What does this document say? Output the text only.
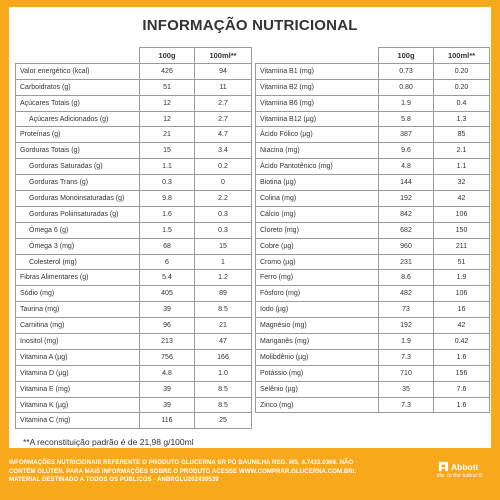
INFORMAÇÃO NUTRICIONAL
	100g	100ml**
Valor energético (kcal)	426	94
Carboidratos (g)	51	11
Açúcares Totais (g)	12	2.7
Açúcares Adicionados (g)	12	2.7
Proteínas (g)	21	4.7
Gorduras Totais (g)	15	3.4
Gorduras Saturadas (g)	1.1	0.2
Gorduras Trans (g)	0.3	0
Gorduras Monoinsaturadas (g)	9.8	2.2
Gorduras Poliinsaturadas (g)	1.6	0.3
Ômega 6 (g)	1.5	0.3
Ômega 3 (mg)	68	15
Colesterol (mg)	6	1
Fibras Alimentares (g)	5.4	1.2
Sódio (mg)	405	89
Taurina (mg)	39	8.5
Carnitina (mg)	96	21
Inositol (mg)	213	47
Vitamina A (µg)	756	166
Vitamina D (µg)	4.8	1.0
Vitamina E (mg)	39	8.5
Vitamina K (µg)	39	8.5
Vitamina C (mg)	116	25
	100g	100ml**
Vitamina B1 (mg)	0.73	0.20
Vitamina B2 (mg)	0.80	0.20
Vitamina B6 (mg)	1.9	0.4
Vitamina B12 (µg)	5.8	1.3
Ácido Fólico (µg)	387	85
Niacina (mg)	9.6	2.1
Ácido Pantotênico (mg)	4.8	1.1
Biotina (µg)	144	32
Colina (mg)	192	42
Cálcio (mg)	842	106
Cloreto (mg)	682	150
Cobre (µg)	960	211
Cromo (µg)	231	51
Ferro (mg)	8.6	1.9
Fósforo (mg)	482	106
Iodo (µg)	73	16
Magnésio (mg)	192	42
Manganês (mg)	1.9	0.42
Molibdênio (µg)	7.3	1.6
Potássio (mg)	710	156
Selênio (µg)	35	7.6
Zinco (mg)	7.3	1.6
**A reconstituição padrão é de 21,98 g/100ml
INFORMAÇÕES NUTRICIONAIS REFERENTE O PRODUTO GLUCERNA SR PÓ BAUNILHA REG. MS. 4.7432.0368. NÃO
CONTÉM GLÚTEN. PARA MAIS INFORMAÇÕES SOBRE O PRODUTO ACESSE WWW.COMPRAR.GLUCERNA.COM.BR/.
MATERIAL DESTINADO A TODOS OS PÚBLICOS - ANBRGLU202439539
Abbott
life. to the fullest.®
